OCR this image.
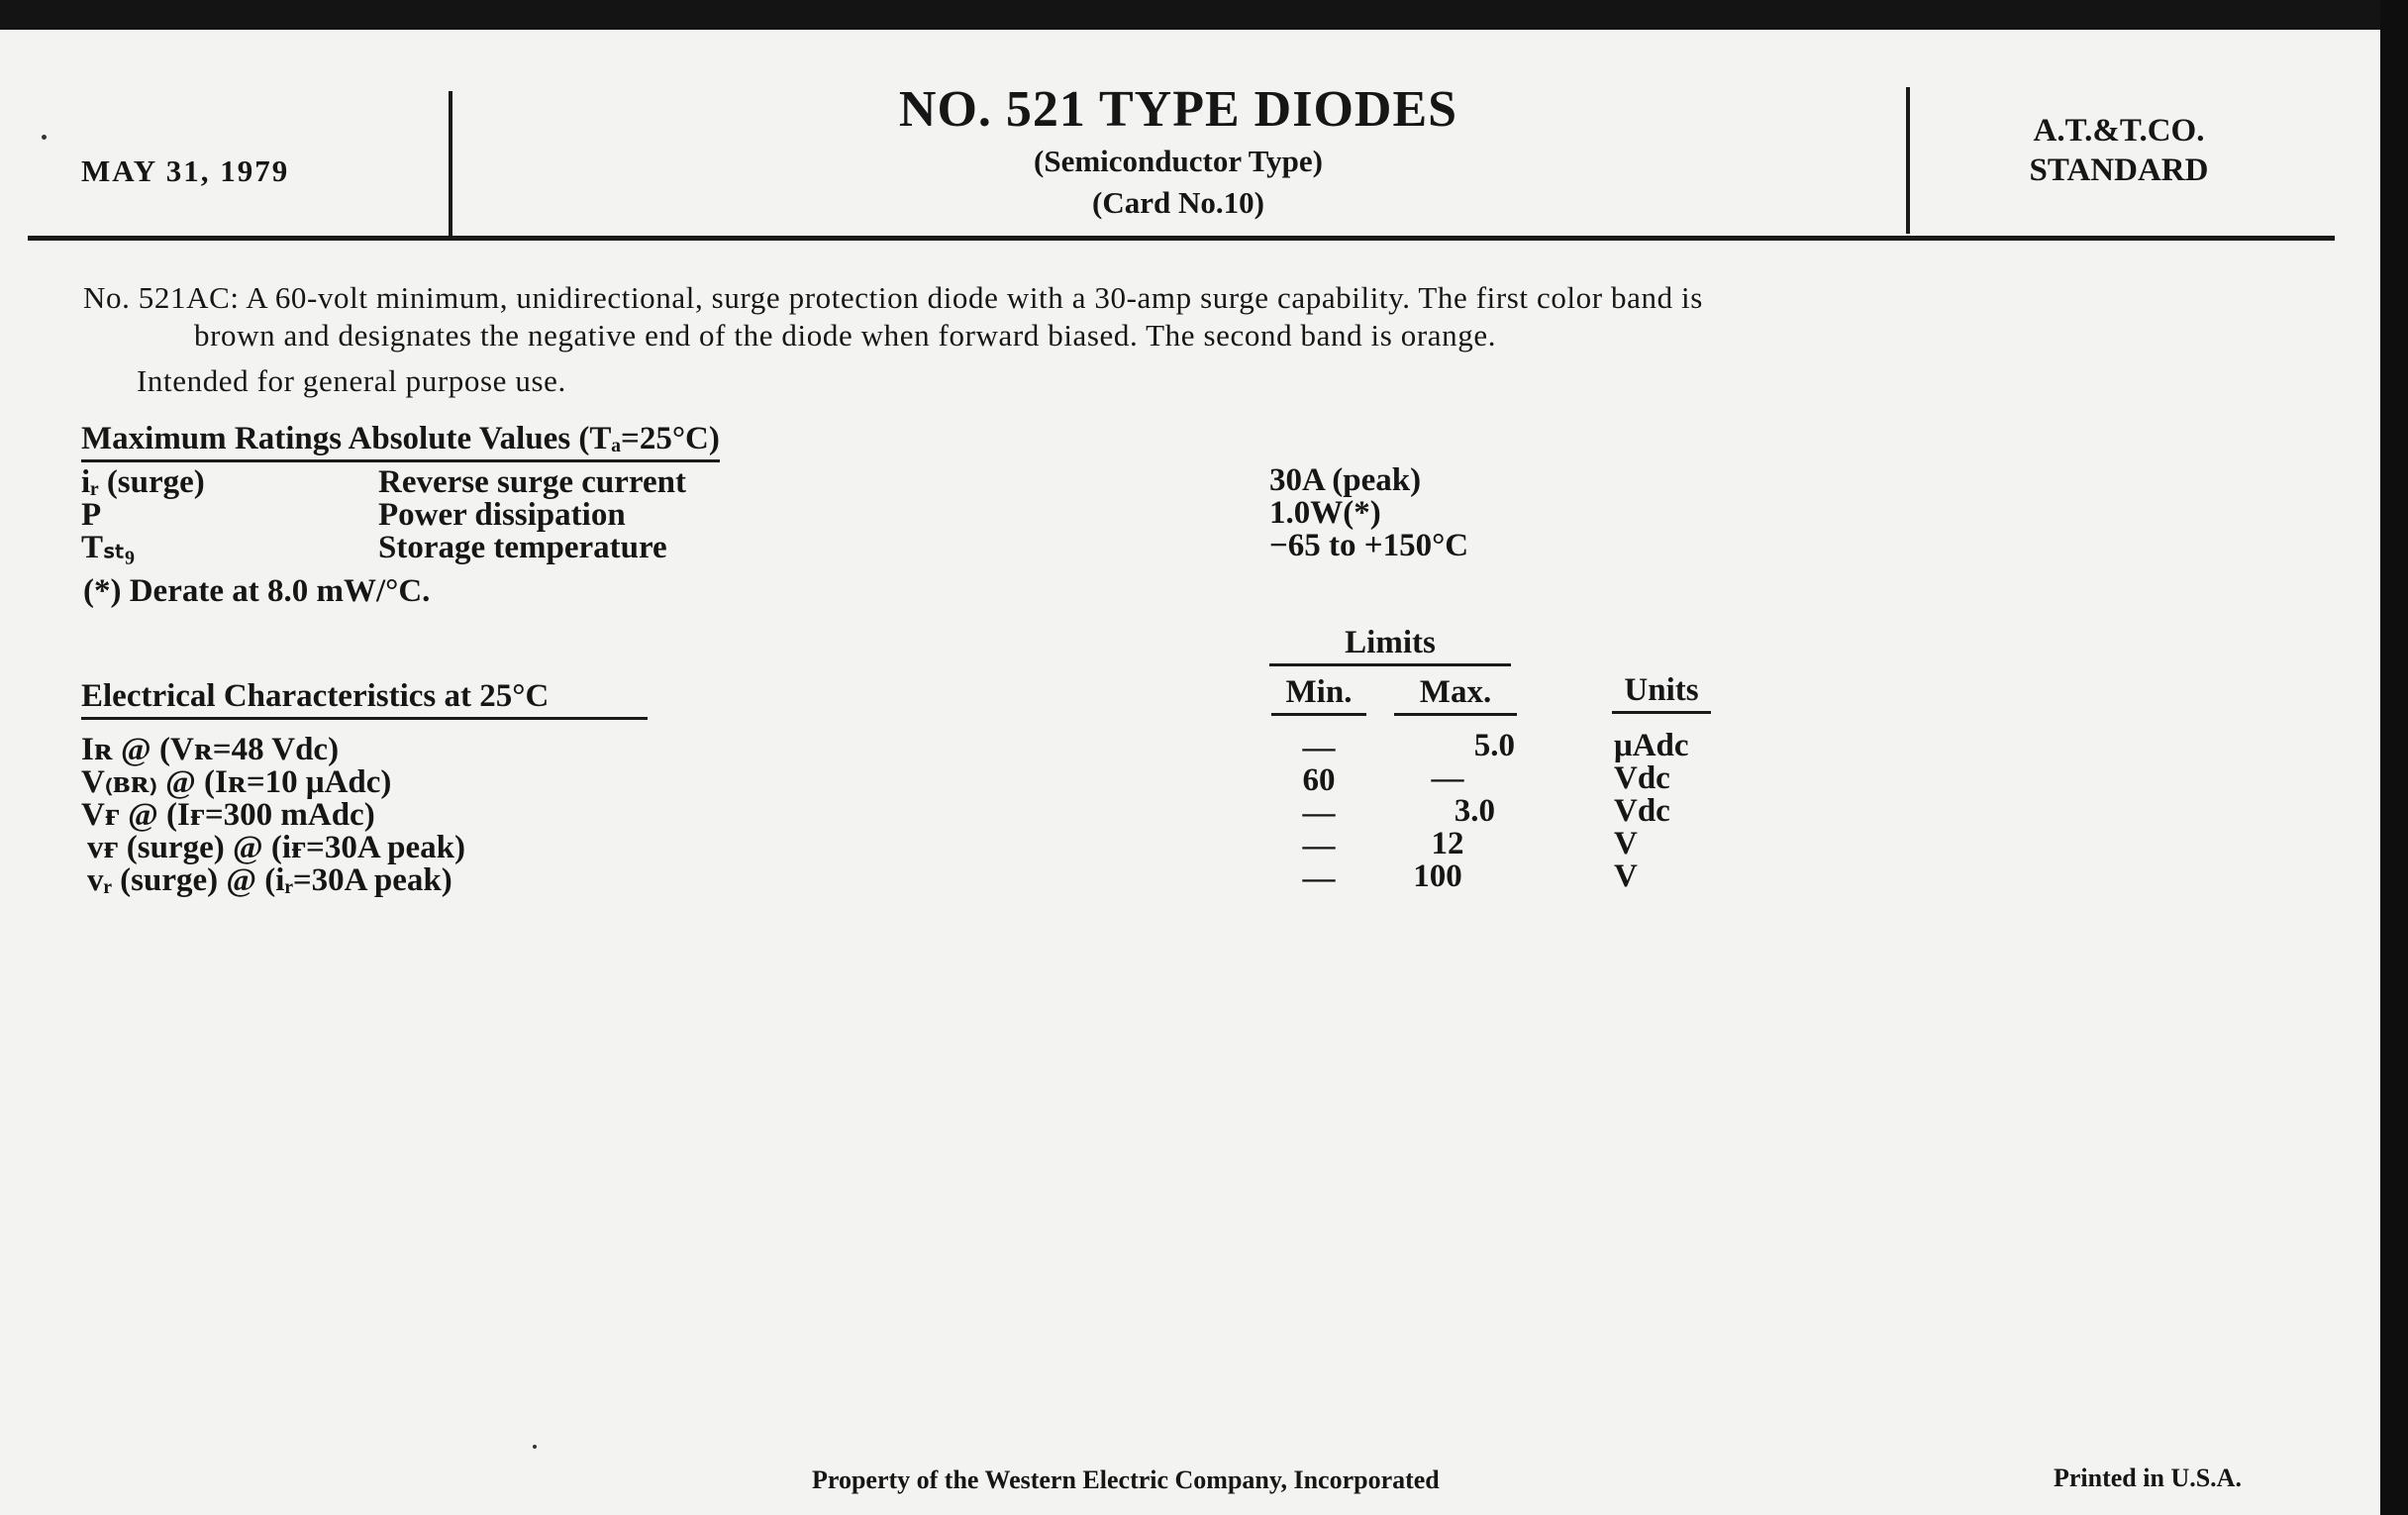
MAY 31, 1979
NO. 521 TYPE DIODES
(Semiconductor Type)
(Card No.10)
A.T.&T.CO.
STANDARD

No. 521AC: A 60-volt minimum, unidirectional, surge protection diode with a 30-amp surge capability. The first color band is

brown and designates the negative end of the diode when forward biased. The second band is orange.

Intended for general purpose use.

Maximum Ratings Absolute Values (Tₐ=25°C)
iᵣ (surge)	Reverse surge current	30A (peak)
P	Power dissipation	1.0W(*)
Tₛₜ₉	Storage temperature	−65 to +150°C
(*) Derate at 8.0 mW/°C.
Limits
Min.	Max.	Units
Electrical Characteristics at 25°C
Iʀ @ (Vʀ=48 Vdc)	—	5.0	μAdc
V₍ʙʀ₎ @ (Iʀ=10 μAdc)	60	—	Vdc
Vғ @ (Iғ=300 mAdc)	—	3.0	Vdc
vғ (surge) @ (iғ=30A peak)	—	12	V
vᵣ (surge) @ (iᵣ=30A peak)	—	100	V
Property of the Western Electric Company, Incorporated	Printed in U.S.A.
